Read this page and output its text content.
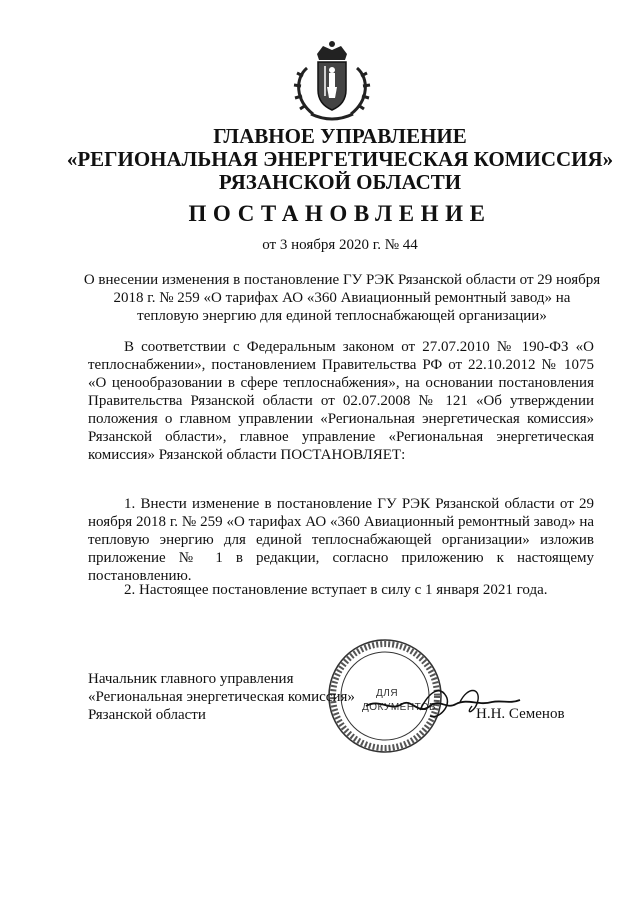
ГЛАВНОЕ УПРАВЛЕНИЕ
«РЕГИОНАЛЬНАЯ ЭНЕРГЕТИЧЕСКАЯ КОМИССИЯ»
РЯЗАНСКОЙ ОБЛАСТИ
ПОСТАНОВЛЕНИЕ
от 3 ноября 2020 г. № 44
О внесении изменения в постановление ГУ РЭК Рязанской области от 29 ноября 2018 г. № 259 «О тарифах АО «360 Авиационный ремонтный завод» на тепловую энергию для единой теплоснабжающей организации»
В соответствии с Федеральным законом от 27.07.2010 № 190-ФЗ «О теплоснабжении», постановлением Правительства РФ от 22.10.2012 № 1075 «О ценообразовании в сфере теплоснабжения», на основании постановления Правительства Рязанской области от 02.07.2008 № 121 «Об утверждении положения о главном управлении «Региональная энергетическая комиссия» Рязанской области», главное управление «Региональная энергетическая комиссия» Рязанской области ПОСТАНОВЛЯЕТ:
1. Внести изменение в постановление ГУ РЭК Рязанской области от 29 ноября 2018 г. № 259 «О тарифах АО «360 Авиационный ремонтный завод» на тепловую энергию для единой теплоснабжающей организации» изложив приложение № 1 в редакции, согласно приложению к настоящему постановлению.
2. Настоящее постановление вступает в силу с 1 января 2021 года.
Начальник главного управления
«Региональная энергетическая комиссия»
Рязанской области
ДЛЯ
ДОКУМЕНТОВ	Н.Н. Семенов
